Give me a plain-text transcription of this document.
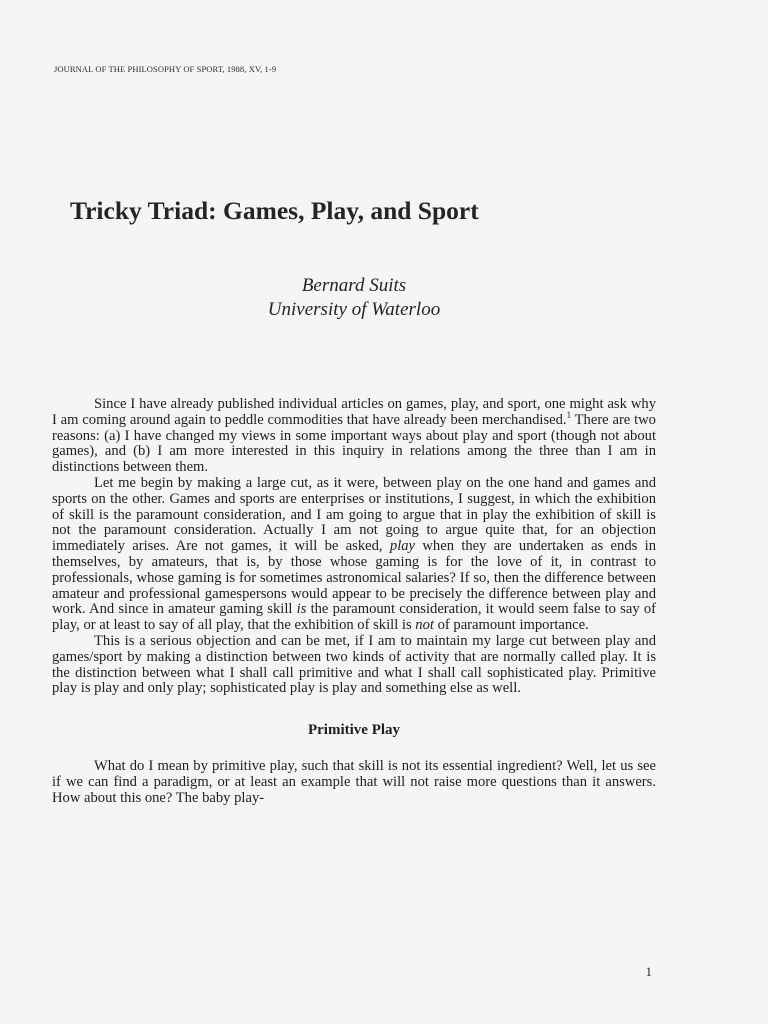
JOURNAL OF THE PHILOSOPHY OF SPORT, 1988, XV, 1-9
Tricky Triad: Games, Play, and Sport
Bernard Suits
University of Waterloo

Since I have already published individual articles on games, play, and sport, one might ask why I am coming around again to peddle commodities that have already been merchandised.$^1$ There are two reasons: (a) I have changed my views in some important ways about play and sport (though not about games), and (b) I am more interested in this inquiry in relations among the three than I am in distinctions between them.

Let me begin by making a large cut, as it were, between play on the one hand and games and sports on the other. Games and sports are enterprises or institutions, I suggest, in which the exhibition of skill is the paramount consideration, and I am going to argue that in play the exhibition of skill is not the paramount consideration. Actually I am not going to argue quite that, for an objection immediately arises. Are not games, it will be asked, play when they are undertaken as ends in themselves, by amateurs, that is, by those whose gaming is for the love of it, in contrast to professionals, whose gaming is for sometimes astronomical salaries? If so, then the difference between amateur and professional gamespersons would appear to be precisely the difference between play and work. And since in amateur gaming skill is the paramount consideration, it would seem false to say of play, or at least to say of all play, that the exhibition of skill is not of paramount importance.

This is a serious objection and can be met, if I am to maintain my large cut between play and games/sport by making a distinction between two kinds of activity that are normally called play. It is the distinction between what I shall call primitive and what I shall call sophisticated play. Primitive play is play and only play; sophisticated play is play and something else as well.

Primitive Play

What do I mean by primitive play, such that skill is not its essential ingredient? Well, let us see if we can find a paradigm, or at least an example that will not raise more questions than it answers. How about this one? The baby play-

1
